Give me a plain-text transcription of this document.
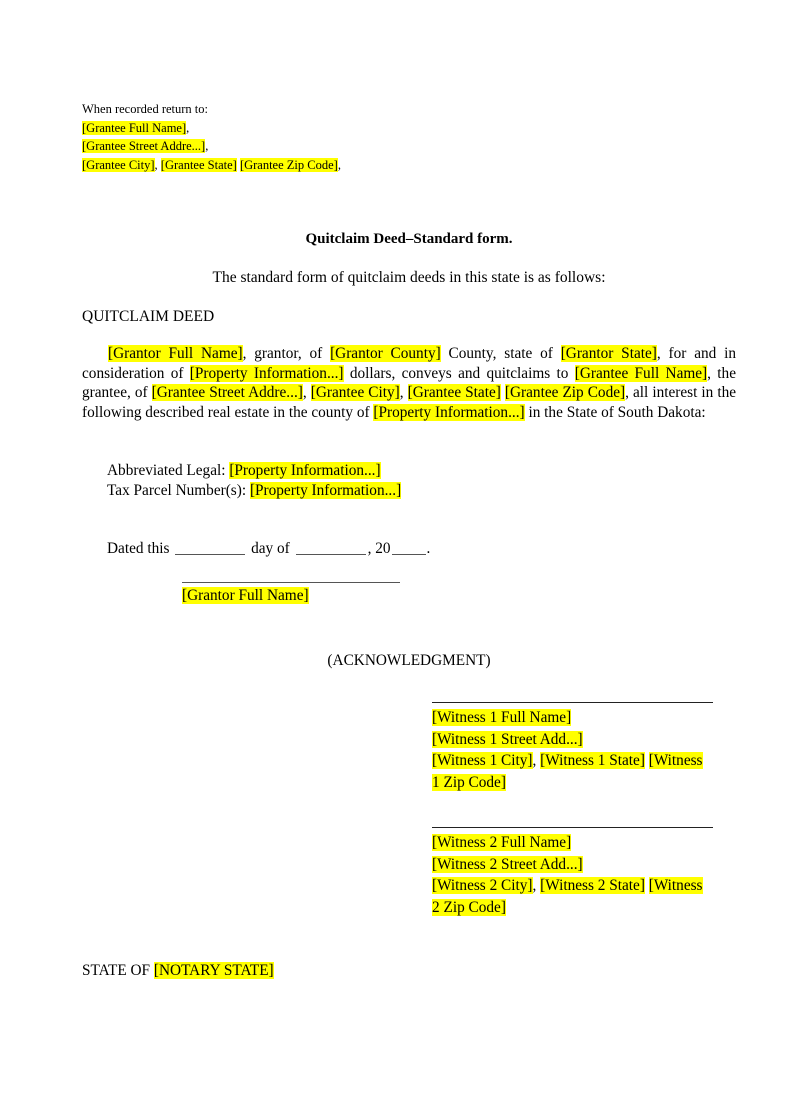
When recorded return to:
[Grantee Full Name],
[Grantee Street Addre...],
[Grantee City], [Grantee State] [Grantee Zip Code],
Quitclaim Deed–Standard form.
The standard form of quitclaim deeds in this state is as follows:
QUITCLAIM DEED
[Grantor Full Name], grantor, of [Grantor County] County, state of [Grantor State], for and in consideration of [Property Information...] dollars, conveys and quitclaims to [Grantee Full Name], the grantee, of [Grantee Street Addre...], [Grantee City], [Grantee State] [Grantee Zip Code], all interest in the following described real estate in the county of [Property Information...] in the State of South Dakota:
Abbreviated Legal: [Property Information...]
Tax Parcel Number(s): [Property Information...]
Dated this	day of	, 20 .
[Grantor Full Name]
(ACKNOWLEDGMENT)
[Witness 1 Full Name]
[Witness 1 Street Add...]
[Witness 1 City], [Witness 1 State] [Witness 1 Zip Code]
[Witness 2 Full Name]
[Witness 2 Street Add...]
[Witness 2 City], [Witness 2 State] [Witness 2 Zip Code]
STATE OF [NOTARY STATE]
